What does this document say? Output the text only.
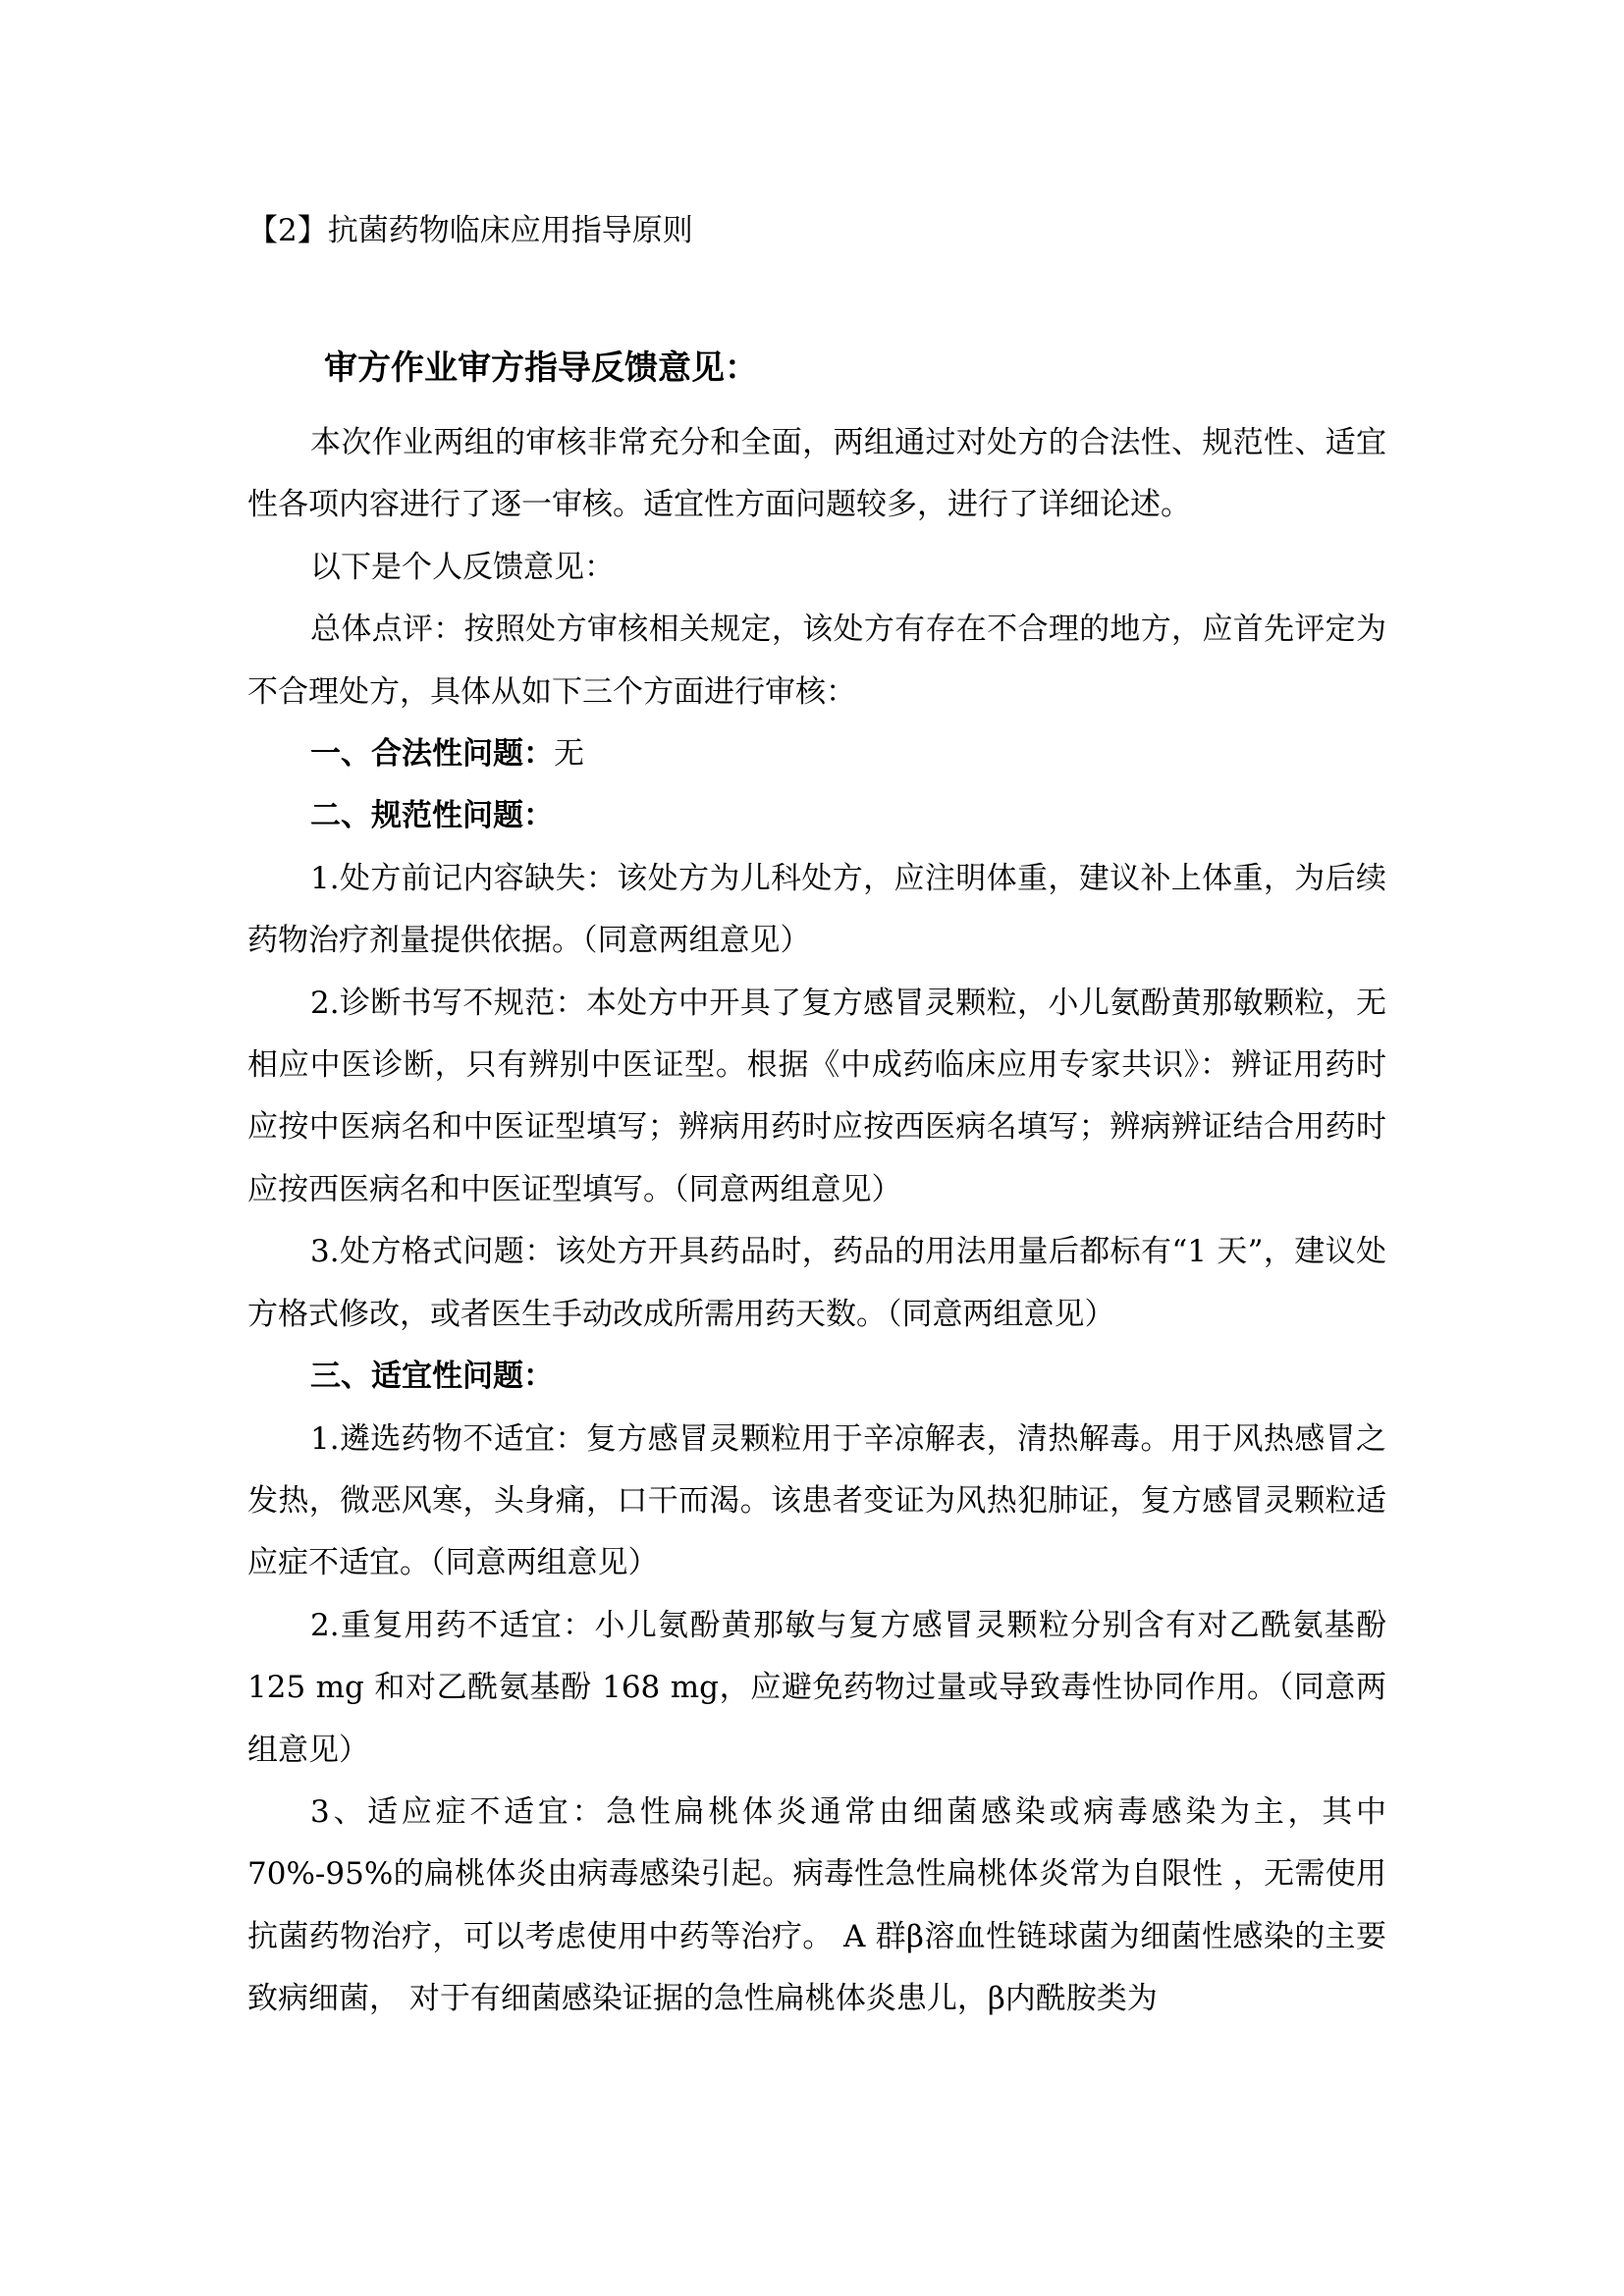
【2】抗菌药物临床应用指导原则
审方作业审方指导反馈意见：

本次作业两组的审核非常充分和全面，两组通过对处方的合法性、规范性、适宜性各项内容进行了逐一审核。适宜性方面问题较多，进行了详细论述。

以下是个人反馈意见：

总体点评：按照处方审核相关规定，该处方有存在不合理的地方，应首先评定为不合理处方，具体从如下三个方面进行审核：

一、合法性问题：无

二、规范性问题：

1.处方前记内容缺失：该处方为儿科处方，应注明体重，建议补上体重，为后续药物治疗剂量提供依据。（同意两组意见）

2.诊断书写不规范：本处方中开具了复方感冒灵颗粒，小儿氨酚黄那敏颗粒，无相应中医诊断，只有辨别中医证型。根据《中成药临床应用专家共识》：辨证用药时应按中医病名和中医证型填写；辨病用药时应按西医病名填写；辨病辨证结合用药时应按西医病名和中医证型填写。（同意两组意见）

3.处方格式问题：该处方开具药品时，药品的用法用量后都标有“1 天”，建议处方格式修改，或者医生手动改成所需用药天数。（同意两组意见）

三、适宜性问题：

1.遴选药物不适宜：复方感冒灵颗粒用于辛凉解表，清热解毒。用于风热感冒之发热，微恶风寒，头身痛，口干而渴。该患者变证为风热犯肺证，复方感冒灵颗粒适应症不适宜。（同意两组意见）

2.重复用药不适宜：小儿氨酚黄那敏与复方感冒灵颗粒分别含有对乙酰氨基酚 125 mg 和对乙酰氨基酚 168 mg，应避免药物过量或导致毒性协同作用。（同意两组意见）

3、适应症不适宜：急性扁桃体炎通常由细菌感染或病毒感染为主，其中 70%-95%的扁桃体炎由病毒感染引起。病毒性急性扁桃体炎常为自限性 ，无需使用抗菌药物治疗，可以考虑使用中药等治疗。 A 群β溶血性链球菌为细菌性感染的主要致病细菌， 对于有细菌感染证据的急性扁桃体炎患儿，β内酰胺类为
